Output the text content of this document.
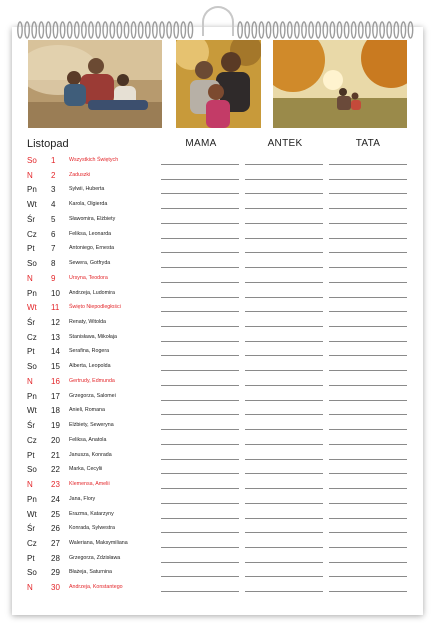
Listopad	MAMA	ANTEK	TATA
So 1	Wszystkich Świętych
N 2	Zaduszki
Pn 3	Sylwii, Huberta
Wt 4	Karola, Olgierda
Śr 5	Sławomira, Elżbiety
Cz 6	Feliksa, Leonarda
Pt 7	Antoniego, Ernesta
So 8	Sewera, Gotfryda
N 9	Ursyna, Teodora
Pn 10 Andrzeja, Ludomira
Wt 11 Święto Niepodległości
Śr 12 Renaty, Witolda
Cz 13 Stanisława, Mikołaja
Pt 14 Serafina, Rogera
So 15 Alberta, Leopolda
N 16 Gertrudy, Edmunda
Pn 17 Grzegorza, Salomei
Wt 18 Anieli, Romana
Śr 19 Elżbiety, Seweryna
Cz 20 Feliksa, Anatola
Pt 21 Janusza, Konrada
So 22 Marka, Cecylii
N 23 Klemensa, Amelii
Pn 24 Jana, Flory
Wt 25 Erazma, Katarzyny
Śr 26 Konrada, Sylwestra
Cz 27 Waleriana, Maksymiliana
Pt 28 Grzegorza, Zdzisława
So 29 Błażeja, Saturnina
N 30 Andrzeja, Konstantego
